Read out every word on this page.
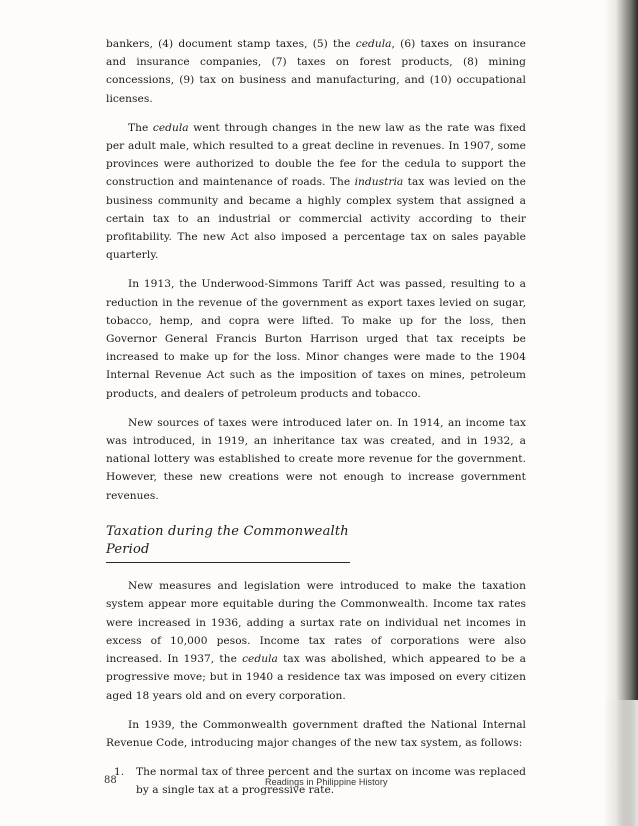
bankers, (4) document stamp taxes, (5) the cedula, (6) taxes on insurance and insurance companies, (7) taxes on forest products, (8) mining concessions, (9) tax on business and manufacturing, and (10) occupational licenses.

The cedula went through changes in the new law as the rate was fixed per adult male, which resulted to a great decline in revenues. In 1907, some provinces were authorized to double the fee for the cedula to support the construction and maintenance of roads. The industria tax was levied on the business community and became a highly complex system that assigned a certain tax to an industrial or commercial activity according to their profitability. The new Act also imposed a percentage tax on sales payable quarterly.

In 1913, the Underwood-Simmons Tariff Act was passed, resulting to a reduction in the revenue of the government as export taxes levied on sugar, tobacco, hemp, and copra were lifted. To make up for the loss, then Governor General Francis Burton Harrison urged that tax receipts be increased to make up for the loss. Minor changes were made to the 1904 Internal Revenue Act such as the imposition of taxes on mines, petroleum products, and dealers of petroleum products and tobacco.

New sources of taxes were introduced later on. In 1914, an income tax was introduced, in 1919, an inheritance tax was created, and in 1932, a national lottery was established to create more revenue for the government. However, these new creations were not enough to increase government revenues.

Taxation during the Commonwealth Period

New measures and legislation were introduced to make the taxation system appear more equitable during the Commonwealth. Income tax rates were increased in 1936, adding a surtax rate on individual net incomes in excess of 10,000 pesos. Income tax rates of corporations were also increased. In 1937, the cedula tax was abolished, which appeared to be a progressive move; but in 1940 a residence tax was imposed on every citizen aged 18 years old and on every corporation.

In 1939, the Commonwealth government drafted the National Internal Revenue Code, introducing major changes of the new tax system, as follows:

1.	The normal tax of three percent and the surtax on income was replaced by a single tax at a progressive rate.
88	Readings in Philippine History
